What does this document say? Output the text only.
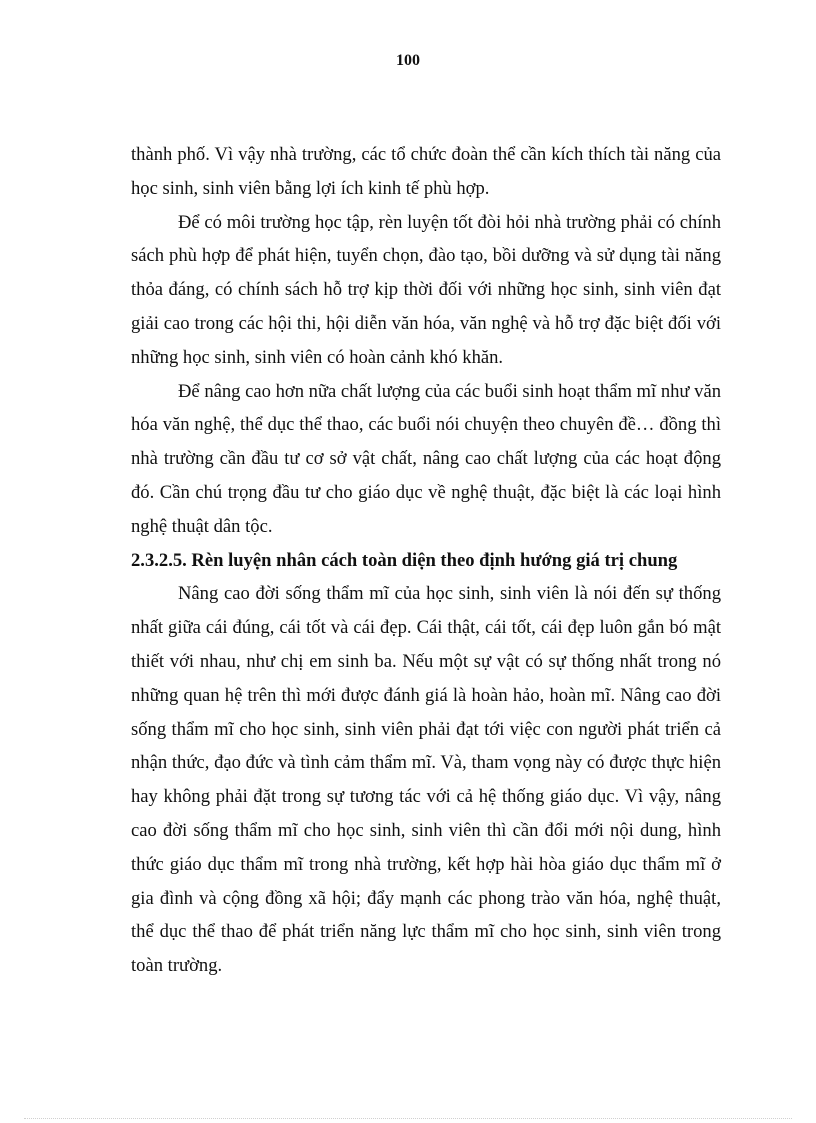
100

thành phố. Vì vậy nhà trường, các tổ chức đoàn thể cần kích thích tài năng của học sinh, sinh viên bằng lợi ích kinh tế phù hợp.

Để có môi trường học tập, rèn luyện tốt đòi hỏi nhà trường phải có chính sách phù hợp để phát hiện, tuyển chọn, đào tạo, bồi dưỡng và sử dụng tài năng thỏa đáng, có chính sách hỗ trợ kịp thời đối với những học sinh, sinh viên đạt giải cao trong các hội thi, hội diễn văn hóa, văn nghệ và hỗ trợ đặc biệt đối với những học sinh, sinh viên có hoàn cảnh khó khăn.

Để nâng cao hơn nữa chất lượng của các buổi sinh hoạt thẩm mĩ như văn hóa văn nghệ, thể dục thể thao, các buổi nói chuyện theo chuyên đề… đồng thì nhà trường cần đầu tư cơ sở vật chất, nâng cao chất lượng của các hoạt động đó. Cần chú trọng đầu tư cho giáo dục về nghệ thuật, đặc biệt là các loại hình nghệ thuật dân tộc.

2.3.2.5. Rèn luyện nhân cách toàn diện theo định hướng giá trị chung

Nâng cao đời sống thẩm mĩ của học sinh, sinh viên là nói đến sự thống nhất giữa cái đúng, cái tốt và cái đẹp. Cái thật, cái tốt, cái đẹp luôn gắn bó mật thiết với nhau, như chị em sinh ba. Nếu một sự vật có sự thống nhất trong nó những quan hệ trên thì mới được đánh giá là hoàn hảo, hoàn mĩ. Nâng cao đời sống thẩm mĩ cho học sinh, sinh viên phải đạt tới việc con người phát triển cả nhận thức, đạo đức và tình cảm thẩm mĩ. Và, tham vọng này có được thực hiện hay không phải đặt trong sự tương tác với cả hệ thống giáo dục. Vì vậy, nâng cao đời sống thẩm mĩ cho học sinh, sinh viên thì cần đổi mới nội dung, hình thức giáo dục thẩm mĩ trong nhà trường, kết hợp hài hòa giáo dục thẩm mĩ ở gia đình và cộng đồng xã hội; đẩy mạnh các phong trào văn hóa, nghệ thuật, thể dục thể thao để phát triển năng lực thẩm mĩ cho học sinh, sinh viên trong toàn trường.
